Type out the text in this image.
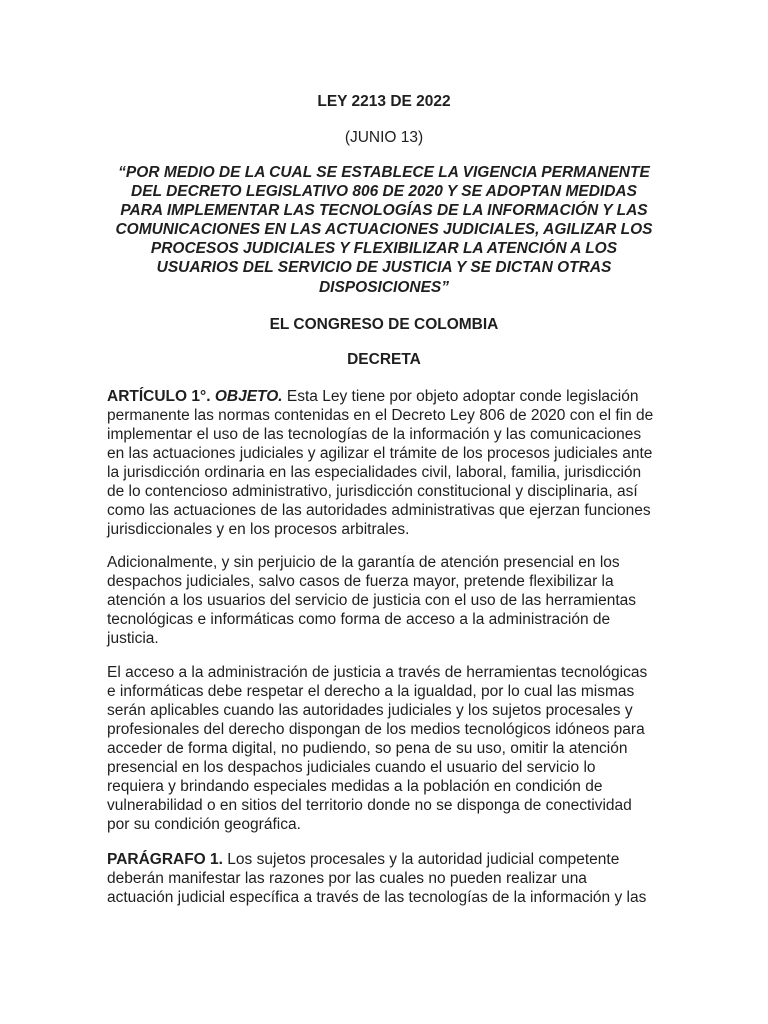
LEY 2213 DE 2022
(JUNIO 13)
“POR MEDIO DE LA CUAL SE ESTABLECE LA VIGENCIA PERMANENTE
DEL DECRETO LEGISLATIVO 806 DE 2020 Y SE ADOPTAN MEDIDAS
PARA IMPLEMENTAR LAS TECNOLOGÍAS DE LA INFORMACIÓN Y LAS
COMUNICACIONES EN LAS ACTUACIONES JUDICIALES, AGILIZAR LOS
PROCESOS JUDICIALES Y FLEXIBILIZAR LA ATENCIÓN A LOS
USUARIOS DEL SERVICIO DE JUSTICIA Y SE DICTAN OTRAS
DISPOSICIONES”
EL CONGRESO DE COLOMBIA
DECRETA
ARTÍCULO 1°. OBJETO. Esta Ley tiene por objeto adoptar conde legislación
permanente las normas contenidas en el Decreto Ley 806 de 2020 con el fin de
implementar el uso de las tecnologías de la información y las comunicaciones
en las actuaciones judiciales y agilizar el trámite de los procesos judiciales ante
la jurisdicción ordinaria en las especialidades civil, laboral, familia, jurisdicción
de lo contencioso administrativo, jurisdicción constitucional y disciplinaria, así
como las actuaciones de las autoridades administrativas que ejerzan funciones
jurisdiccionales y en los procesos arbitrales.
Adicionalmente, y sin perjuicio de la garantía de atención presencial en los
despachos judiciales, salvo casos de fuerza mayor, pretende flexibilizar la
atención a los usuarios del servicio de justicia con el uso de las herramientas
tecnológicas e informáticas como forma de acceso a la administración de
justicia.
El acceso a la administración de justicia a través de herramientas tecnológicas
e informáticas debe respetar el derecho a la igualdad, por lo cual las mismas
serán aplicables cuando las autoridades judiciales y los sujetos procesales y
profesionales del derecho dispongan de los medios tecnológicos idóneos para
acceder de forma digital, no pudiendo, so pena de su uso, omitir la atención
presencial en los despachos judiciales cuando el usuario del servicio lo
requiera y brindando especiales medidas a la población en condición de
vulnerabilidad o en sitios del territorio donde no se disponga de conectividad
por su condición geográfica.
PARÁGRAFO 1. Los sujetos procesales y la autoridad judicial competente
deberán manifestar las razones por las cuales no pueden realizar una
actuación judicial específica a través de las tecnologías de la información y las
